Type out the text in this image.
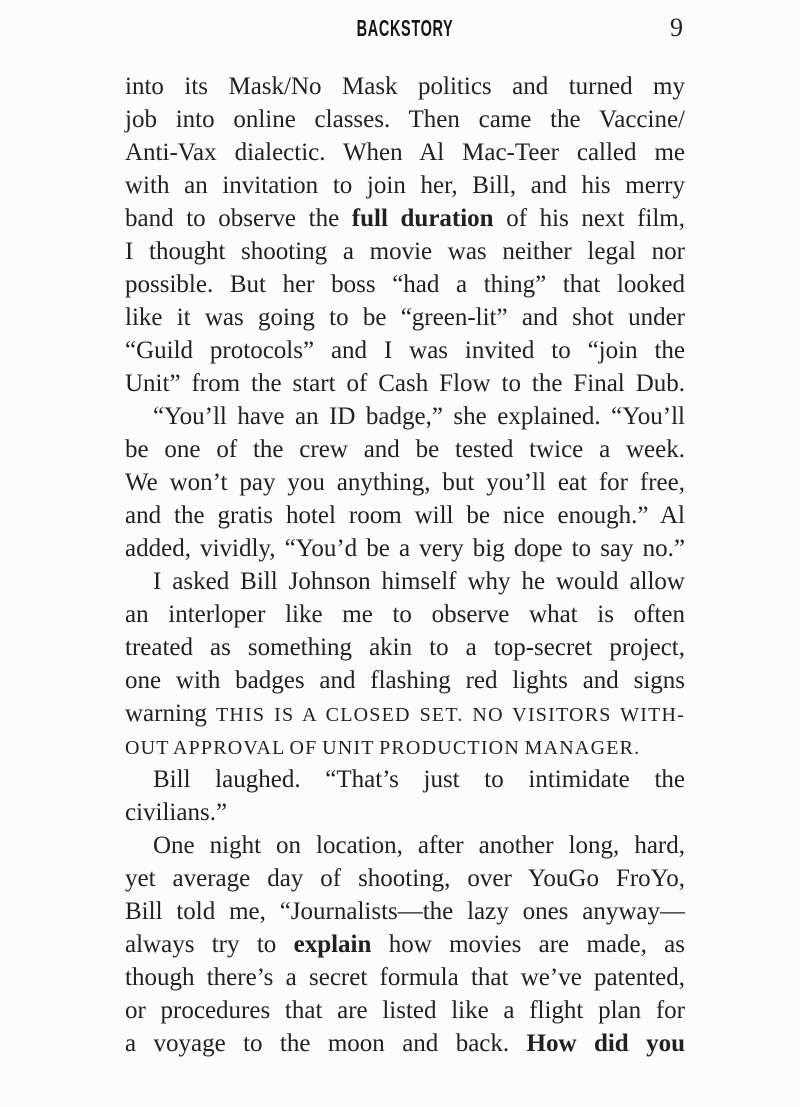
BACKSTORY	9
into its Mask/No Mask politics and turned my
job into online classes. Then came the Vaccine/
Anti-Vax dialectic. When Al Mac-Teer called me
with an invitation to join her, Bill, and his merry
band to observe the full duration of his next film,
I thought shooting a movie was neither legal nor
possible. But her boss “had a thing” that looked
like it was going to be “green-lit” and shot under
“Guild protocols” and I was invited to “join the
Unit” from the start of Cash Flow to the Final Dub.
“You’ll have an ID badge,” she explained. “You’ll
be one of the crew and be tested twice a week.
We won’t pay you anything, but you’ll eat for free,
and the gratis hotel room will be nice enough.” Al
added, vividly, “You’d be a very big dope to say no.”
I asked Bill Johnson himself why he would allow
an interloper like me to observe what is often
treated as something akin to a top-secret project,
one with badges and flashing red lights and signs
warning THIS IS A CLOSED SET. NO VISITORS WITH-
OUT APPROVAL OF UNIT PRODUCTION MANAGER.
Bill laughed. “That’s just to intimidate the
civilians.”
One night on location, after another long, hard,
yet average day of shooting, over YouGo FroYo,
Bill told me, “Journalists—the lazy ones anyway—
always try to explain how movies are made, as
though there’s a secret formula that we’ve patented,
or procedures that are listed like a flight plan for
a voyage to the moon and back. How did you
